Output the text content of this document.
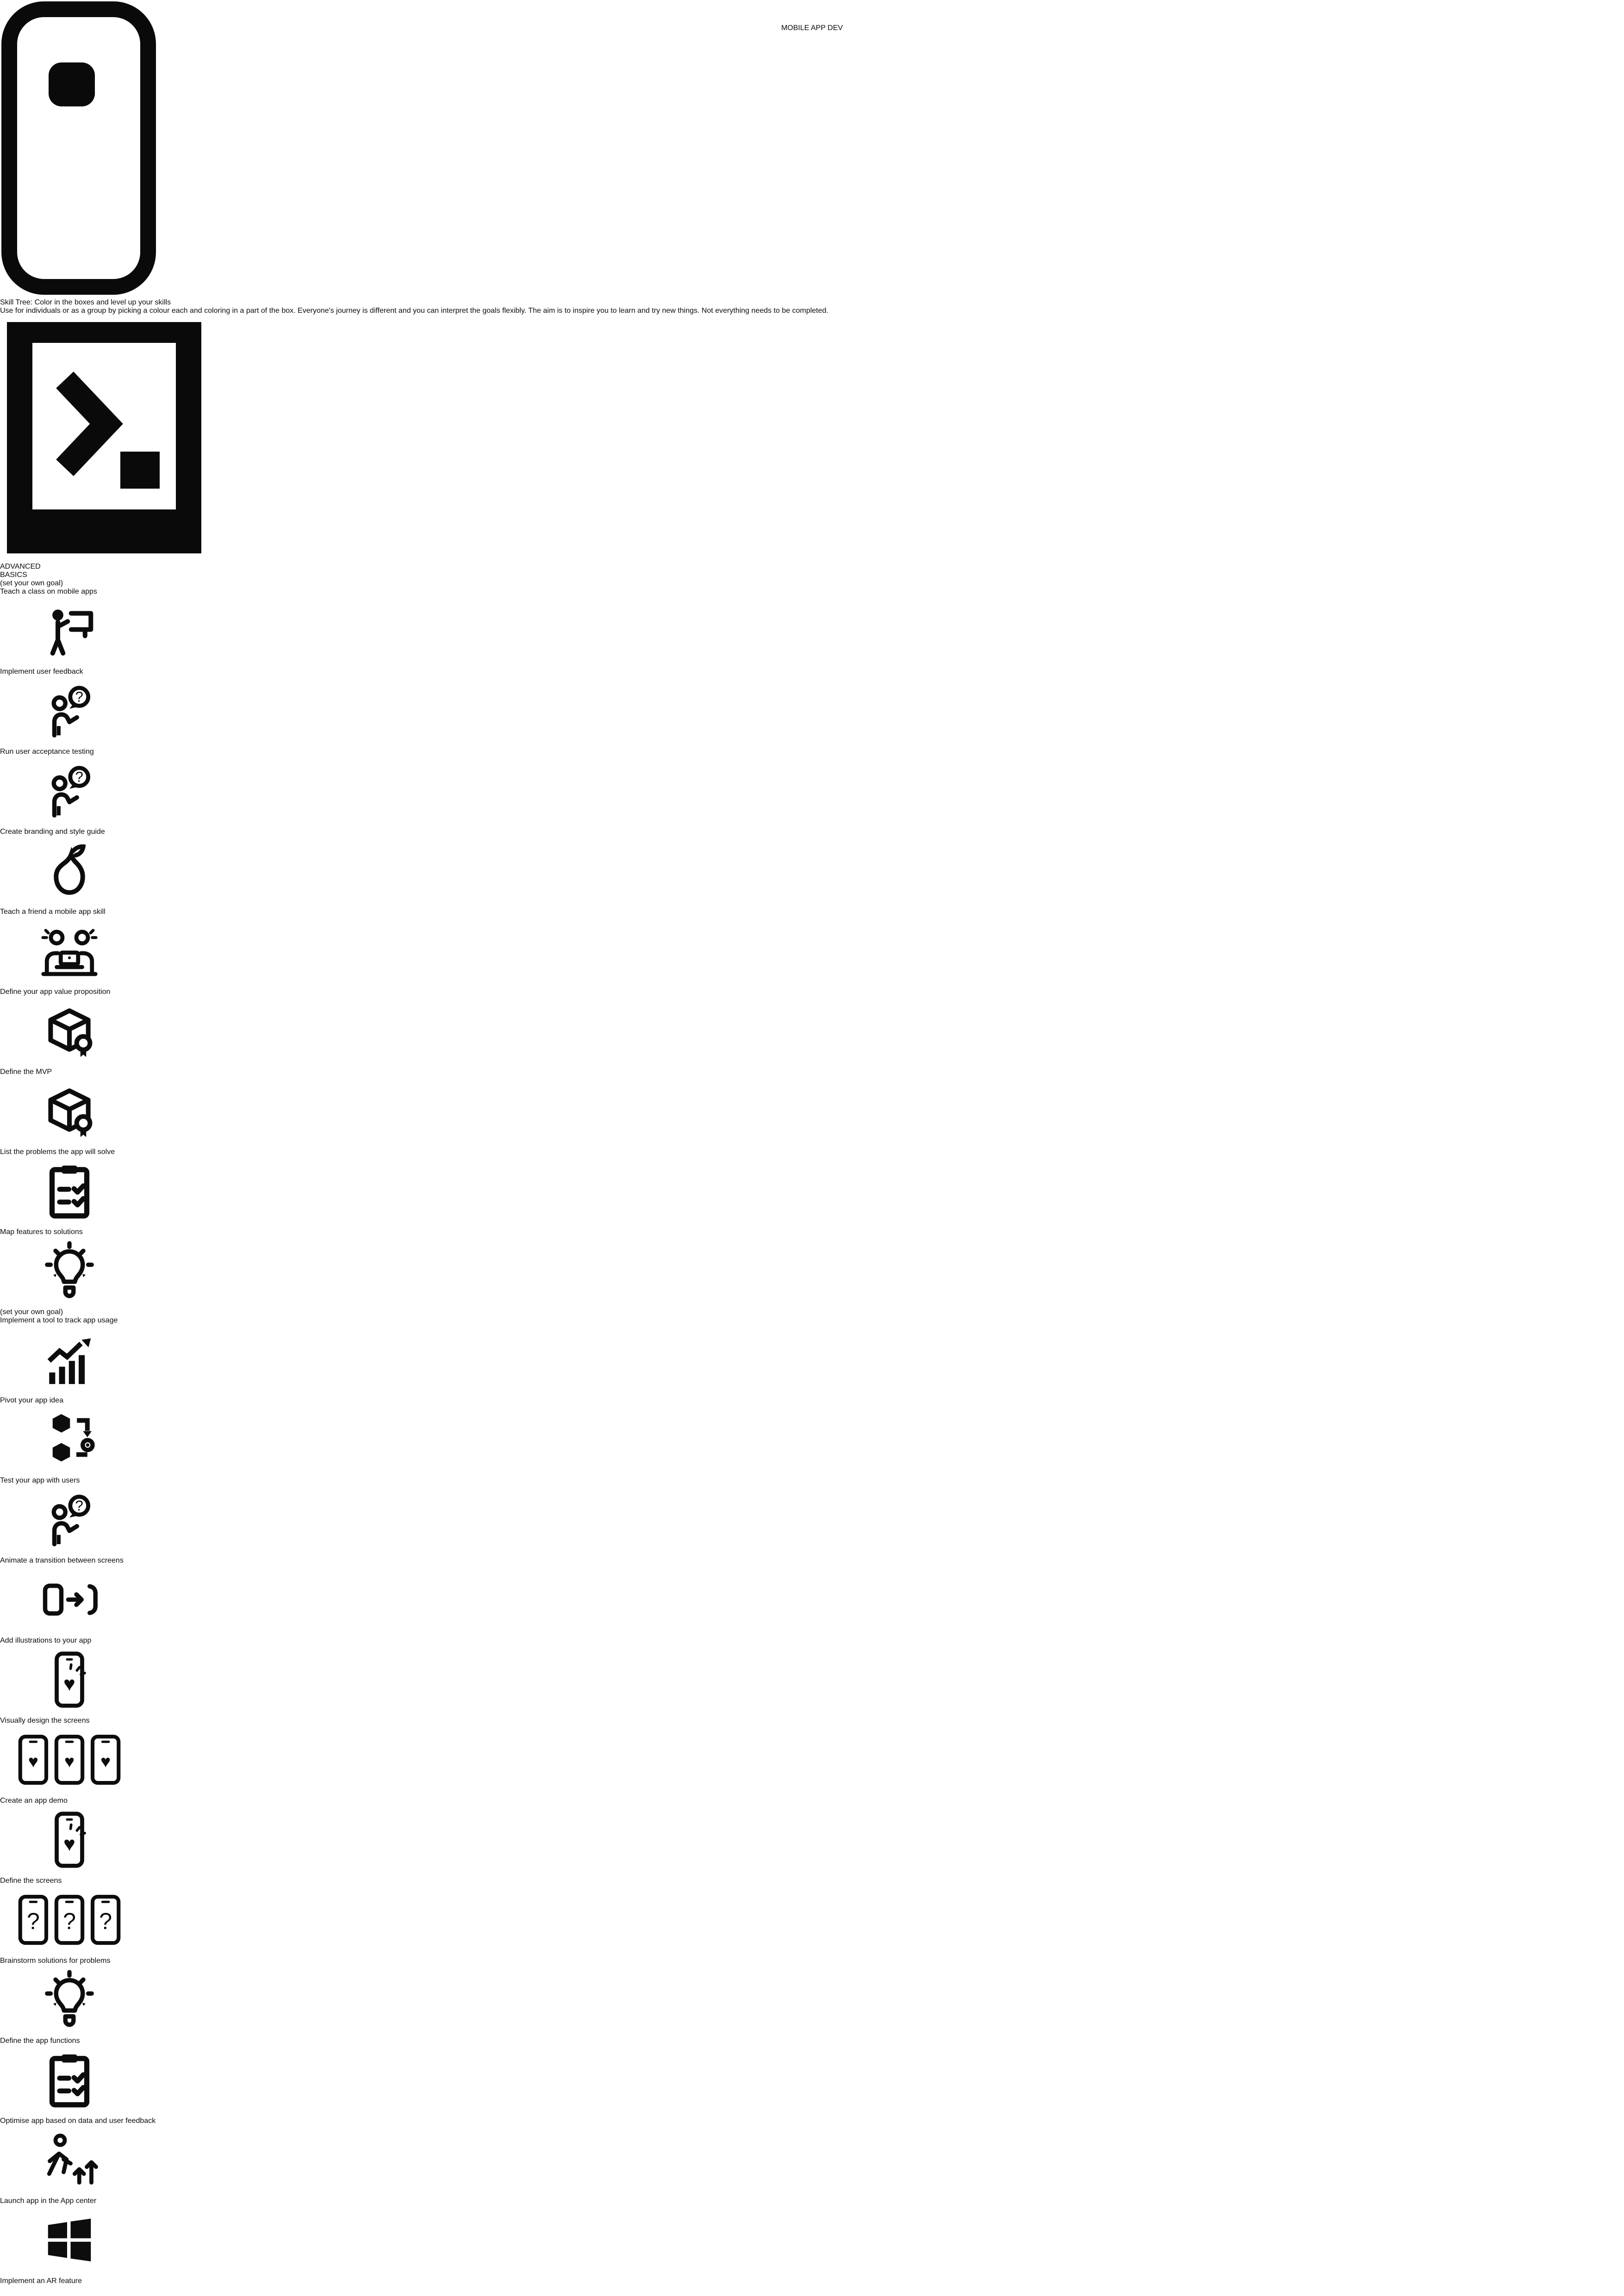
MOBILE APP DEV
Skill Tree: Color in the boxes and level up your skills
Use for individuals or as a group by picking a colour each and coloring in a part of the box. Everyone's journey is different and you can interpret the goals flexibly. The aim is to inspire you to learn and try new things. Not everything needs to be completed.
ADVANCED
BASICS
(set your own goal)
Teach a class on mobile apps
Implement user feedback
Run user acceptance testing
Create branding and style guide
Teach a friend a mobile app skill
Define your app value proposition
Define the MVP
List the problems the app will solve
Map features to solutions
(set your own goal)
Implement a tool to track app usage
Pivot your app idea
Test your app with users
Animate a transition between screens
Add illustrations to your app
Visually design the screens
Create an app demo
Define the screens
Brainstorm solutions for problems
Define the app functions
Optimise app based on data and user feedback
Launch app in the App center
Implement an AR feature
